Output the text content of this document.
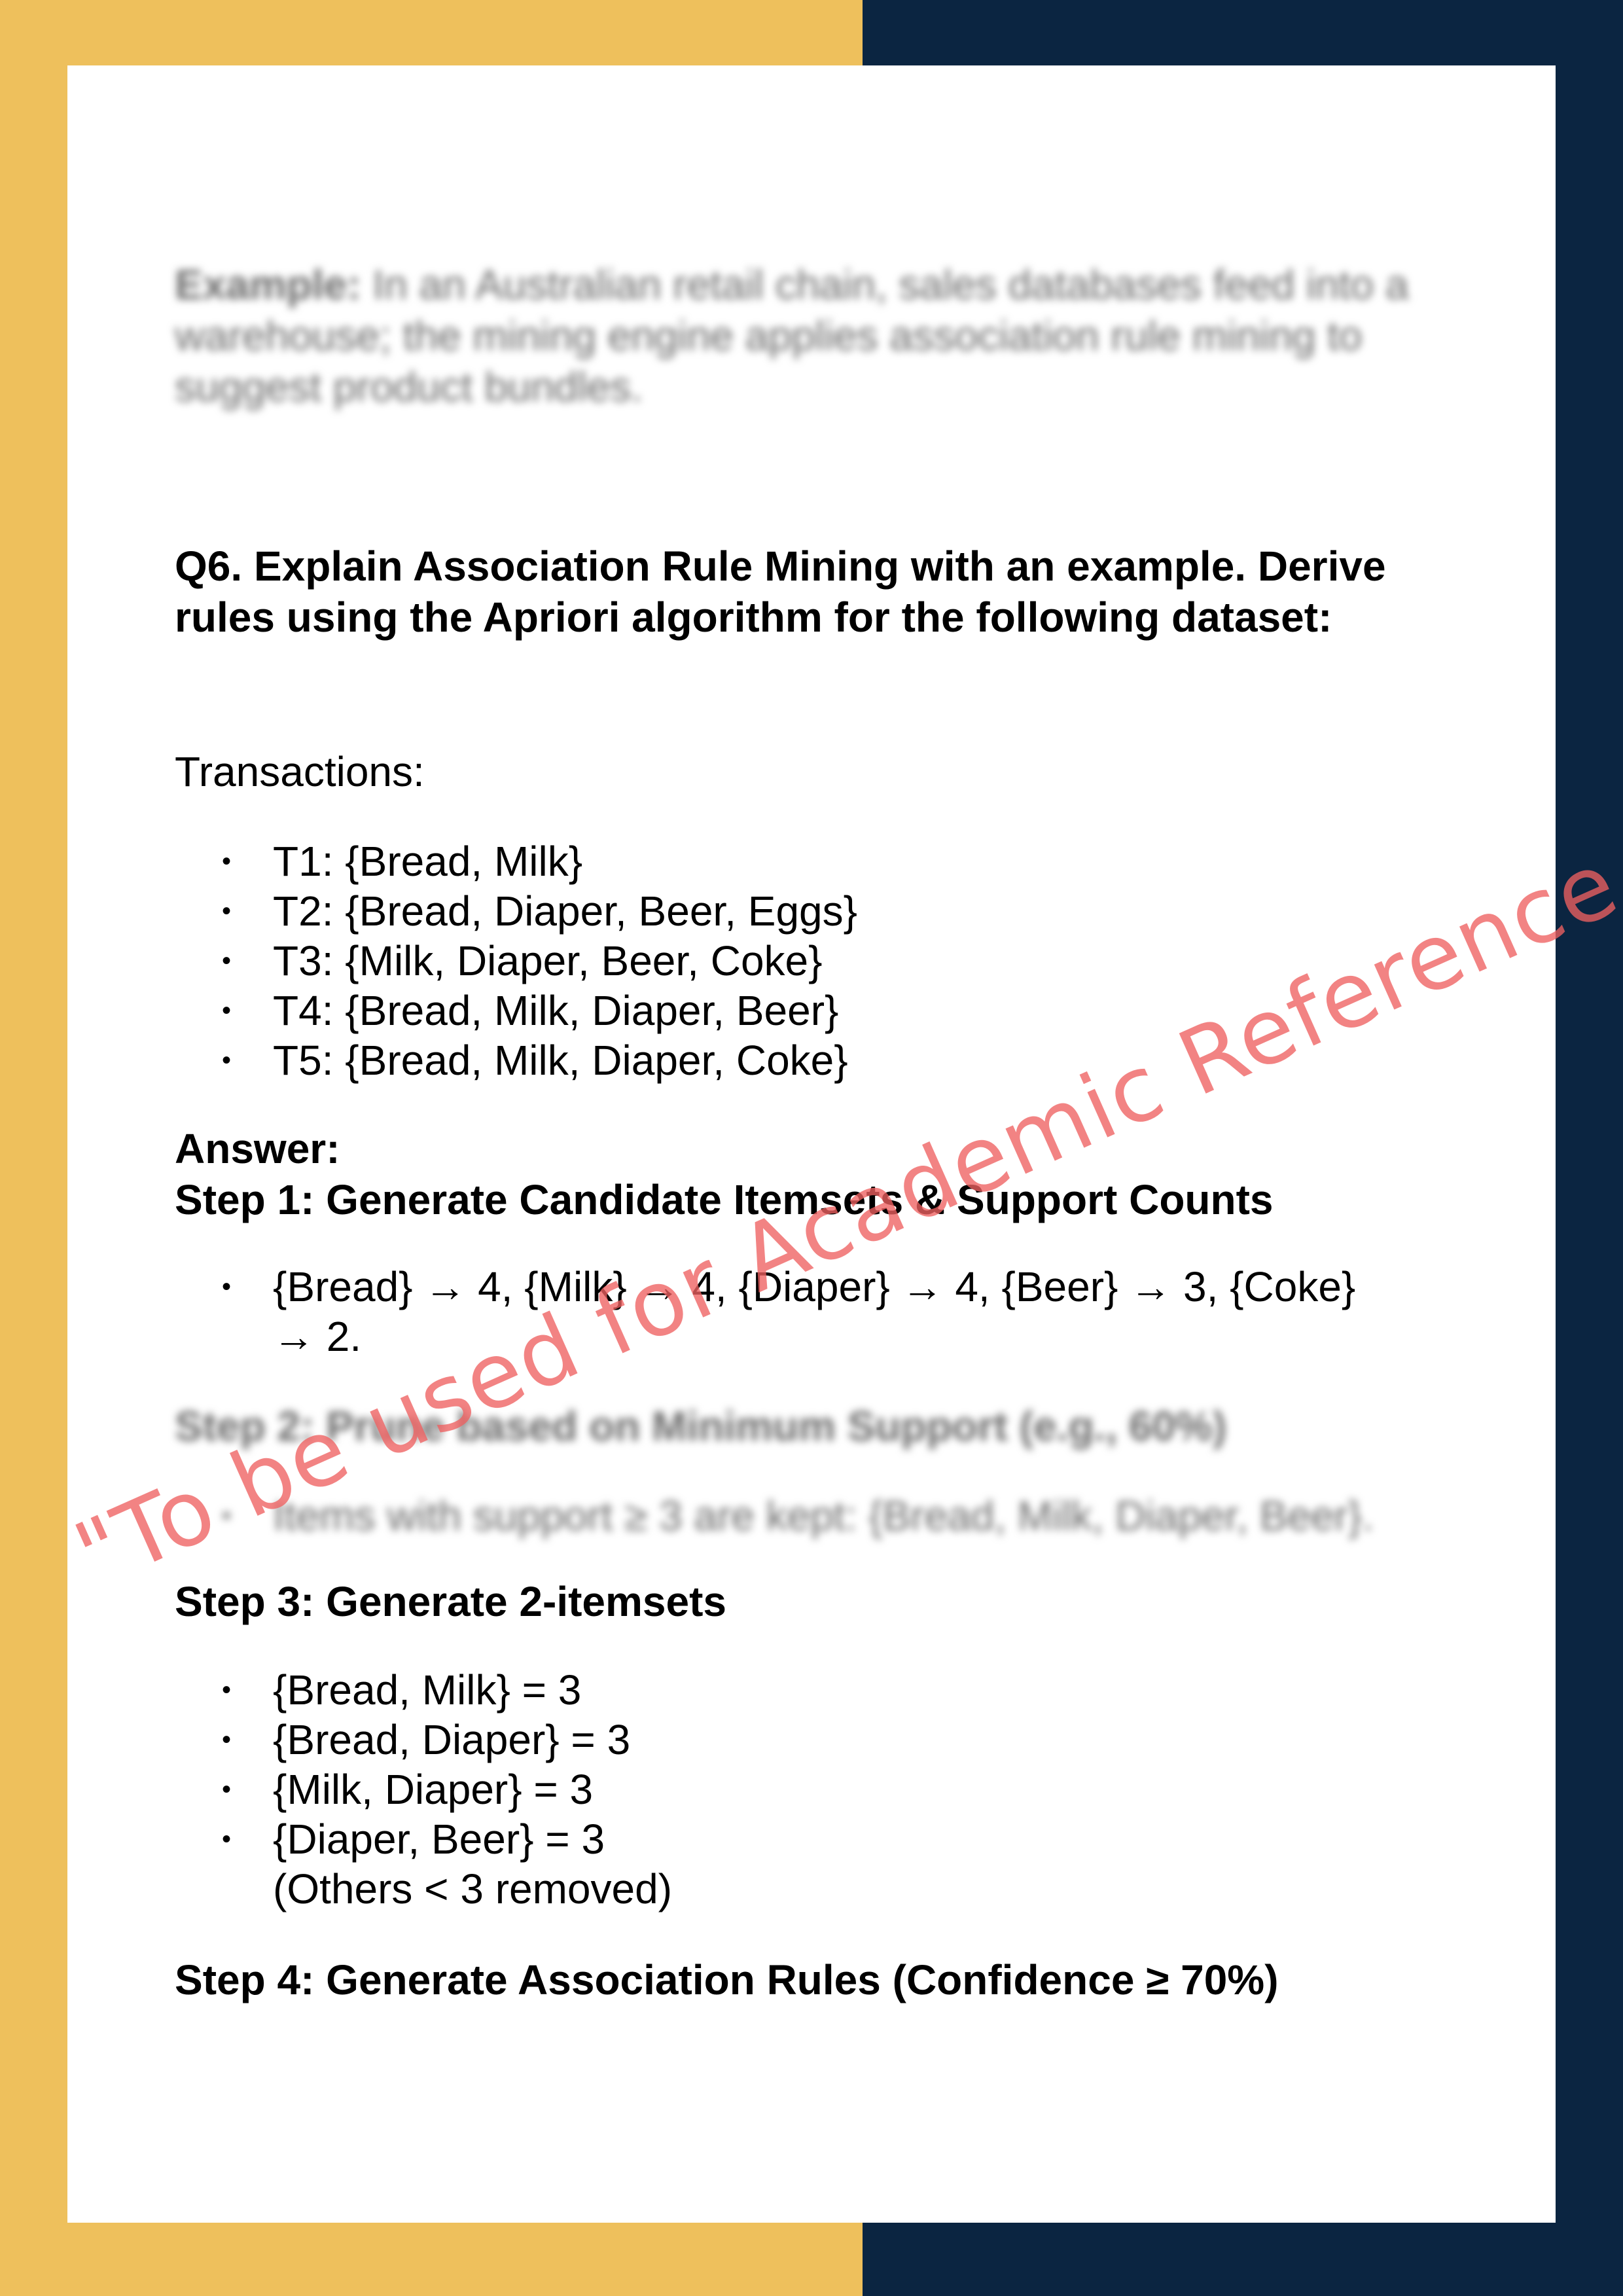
Example: In an Australian retail chain, sales databases feed into a warehouse; the mining engine applies association rule mining to suggest product bundles.
Q6. Explain Association Rule Mining with an example. Derive
rules using the Apriori algorithm for the following dataset:

Transactions:

• T1: {Bread, Milk}
• T2: {Bread, Diaper, Beer, Eggs}
• T3: {Milk, Diaper, Beer, Coke}
• T4: {Bread, Milk, Diaper, Beer}
• T5: {Bread, Milk, Diaper, Coke}

Answer:

Step 1: Generate Candidate Itemsets & Support Counts

• {Bread} → 4, {Milk} → 4, {Diaper} → 4, {Beer} → 3, {Coke}
→ 2.

Step 2: Prune based on Minimum Support (e.g., 60%)

• Items with support ≥ 3 are kept: {Bread, Milk, Diaper, Beer}.

Step 3: Generate 2-itemsets

• {Bread, Milk} = 3
• {Bread, Diaper} = 3
• {Milk, Diaper} = 3
• {Diaper, Beer} = 3
(Others < 3 removed)

Step 4: Generate Association Rules (Confidence ≥ 70%)

"To be used for Academic Reference
